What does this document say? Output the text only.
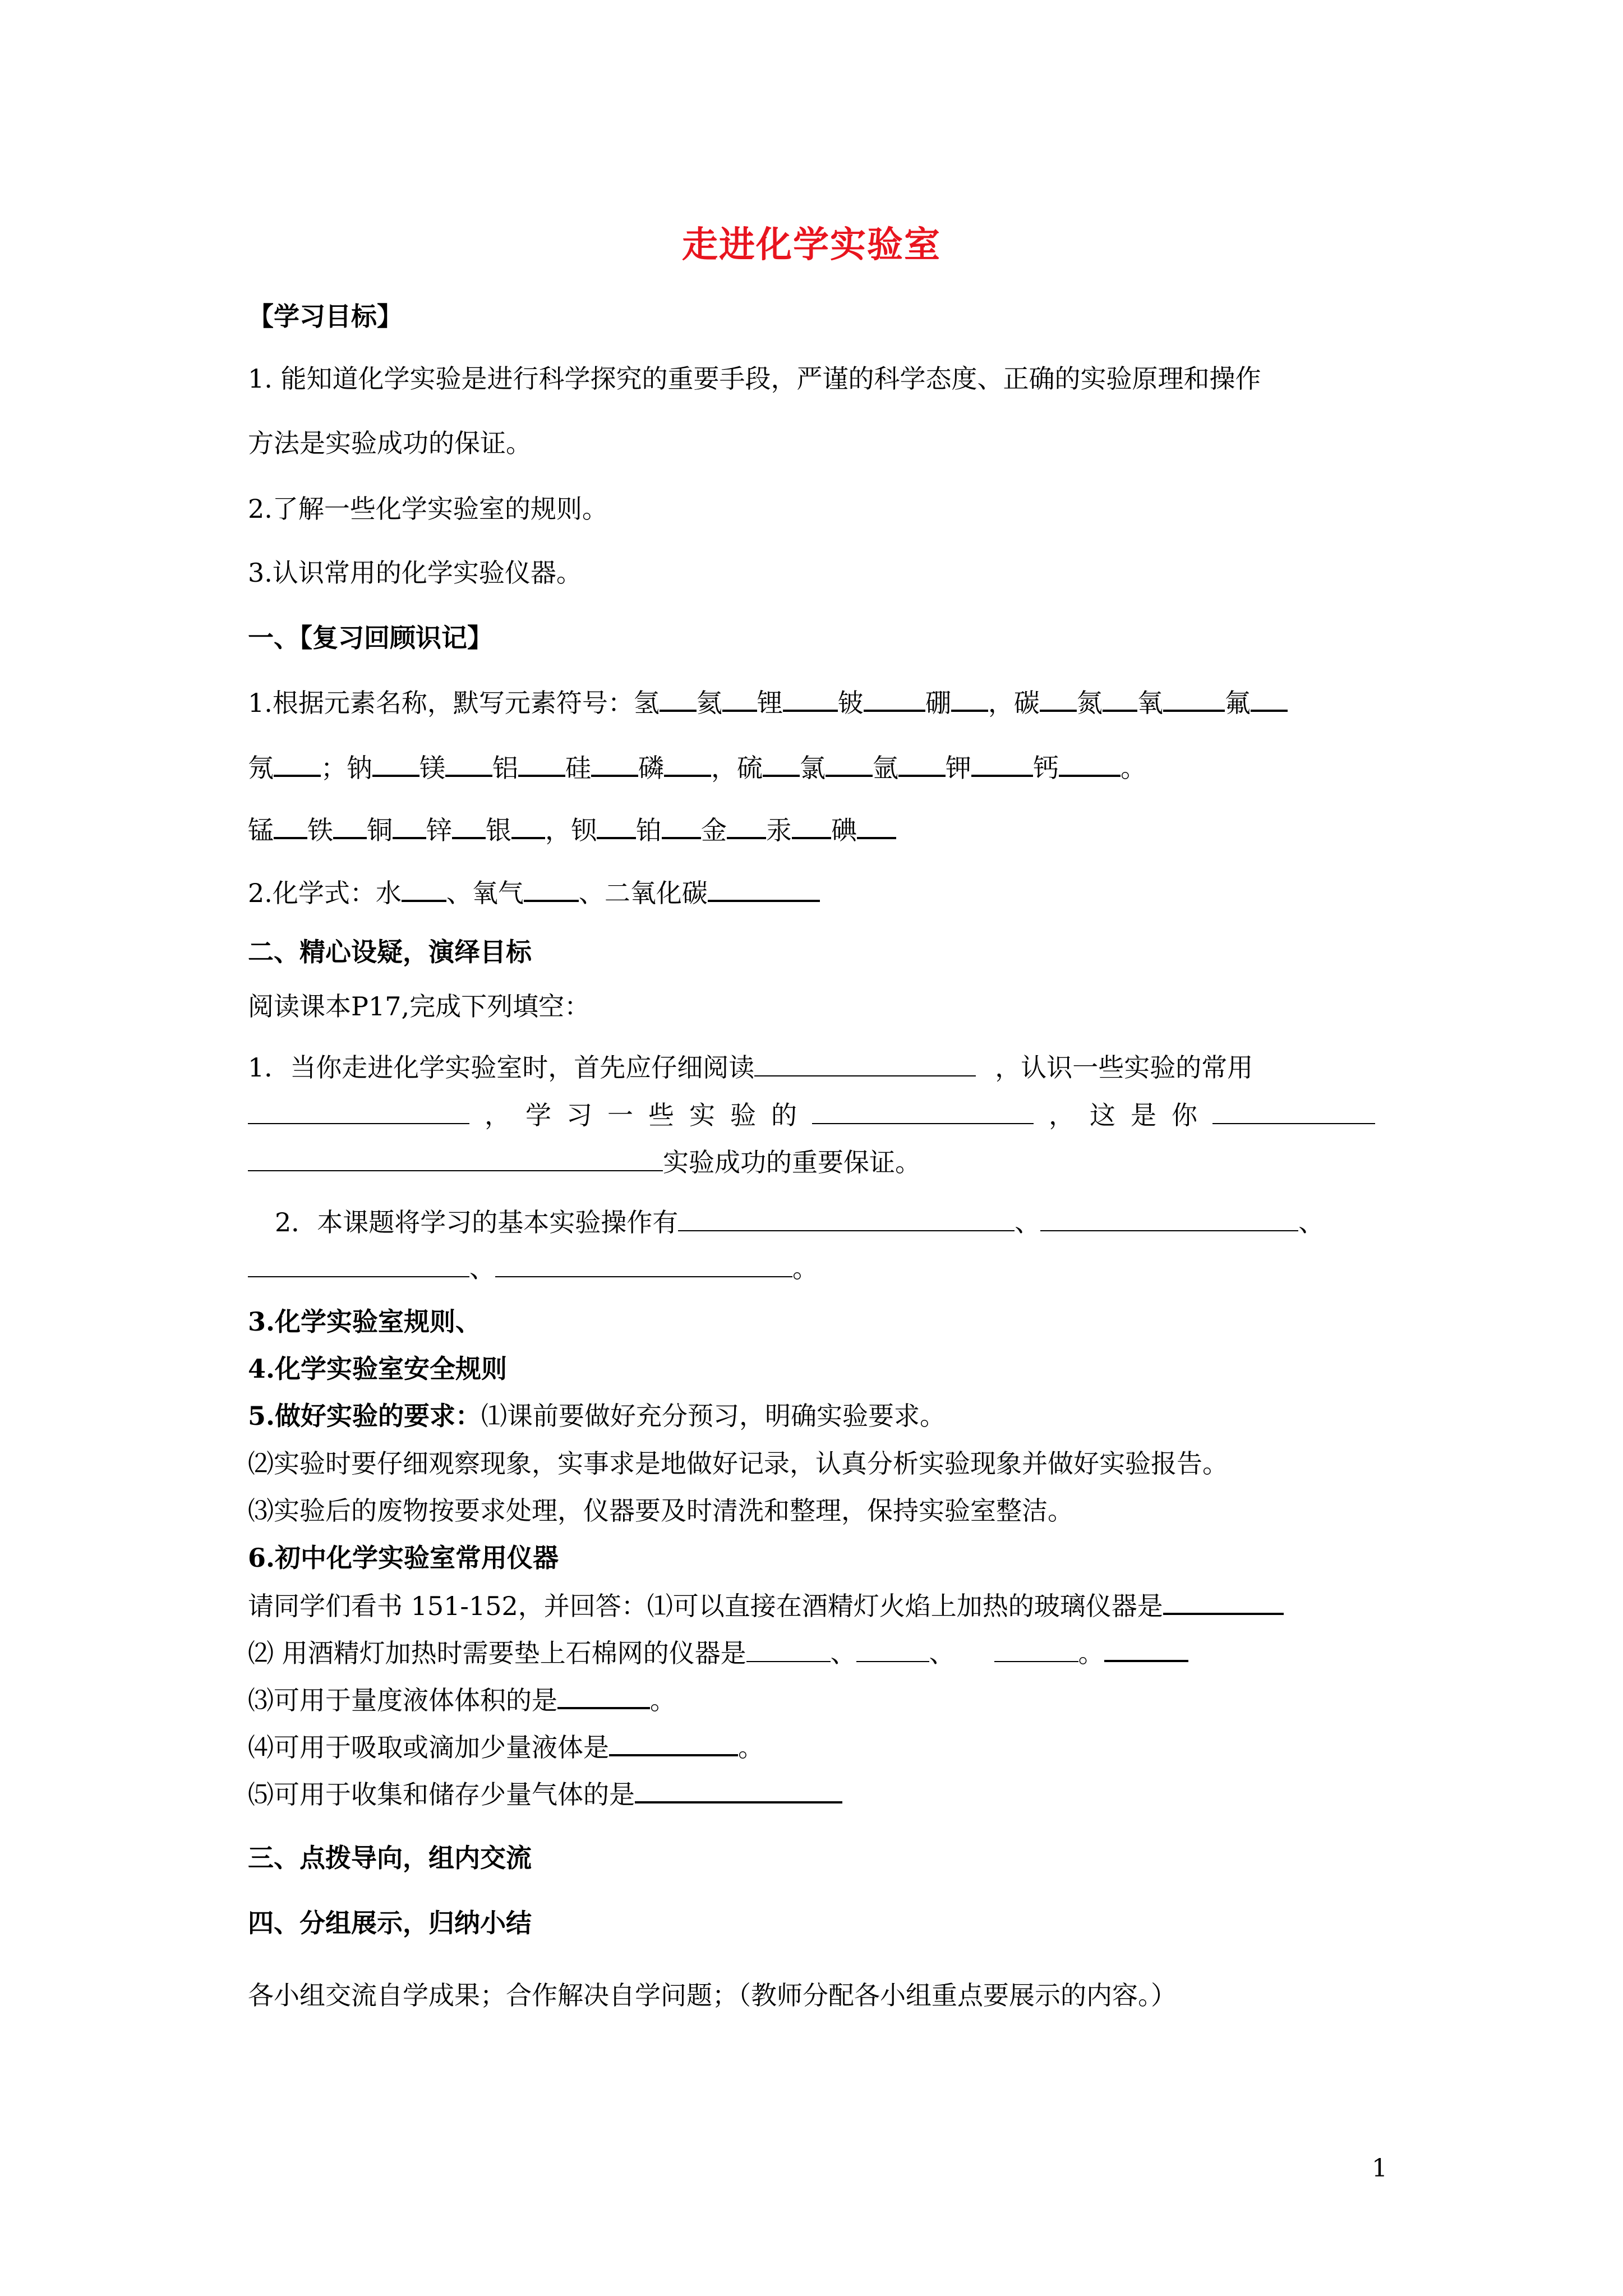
走进化学实验室
【学习目标】
1. 能知道化学实验是进行科学探究的重要手段，严谨的科学态度、正确的实验原理和操作
方法是实验成功的保证。
2.了解一些化学实验室的规则。
3.认识常用的化学实验仪器。
一、【复习回顾识记】
1.根据元素名称，默写元素符号：氢 氦 锂 铍 硼 ，碳 氮 氧 氟
氖 ；钠 镁 铝 硅 磷 ，硫 氯 氩 钾 钙 。
锰 铁 铜 锌 银 ，钡 铂 金 汞 碘
2.化学式：水 、氧气 、二氧化碳
二、精心设疑，演绎目标
阅读课本P17,完成下列填空：
1．当你走进化学实验室时，首先应仔细阅读	，认识一些实验的常用
， 学 习 一 些 实 验 的	， 这 是 你
实验成功的重要保证。
2．本课题将学习的基本实验操作有	、	、
、	。
3.化学实验室规则、
4.化学实验室安全规则
5.做好实验的要求：⑴课前要做好充分预习，明确实验要求。
⑵实验时要仔细观察现象，实事求是地做好记录，认真分析实验现象并做好实验报告。
⑶实验后的废物按要求处理，仪器要及时清洗和整理，保持实验室整洁。
6.初中化学实验室常用仪器
请同学们看书 151-152，并回答：⑴可以直接在酒精灯火焰上加热的玻璃仪器是
⑵ 用酒精灯加热时需要垫上石棉网的仪器是	、	、	。
⑶可用于量度液体体积的是	。
⑷可用于吸取或滴加少量液体是	。
⑸可用于收集和储存少量气体的是
三、点拨导向，组内交流
四、分组展示，归纳小结
各小组交流自学成果；合作解决自学问题；（教师分配各小组重点要展示的内容。）
1
